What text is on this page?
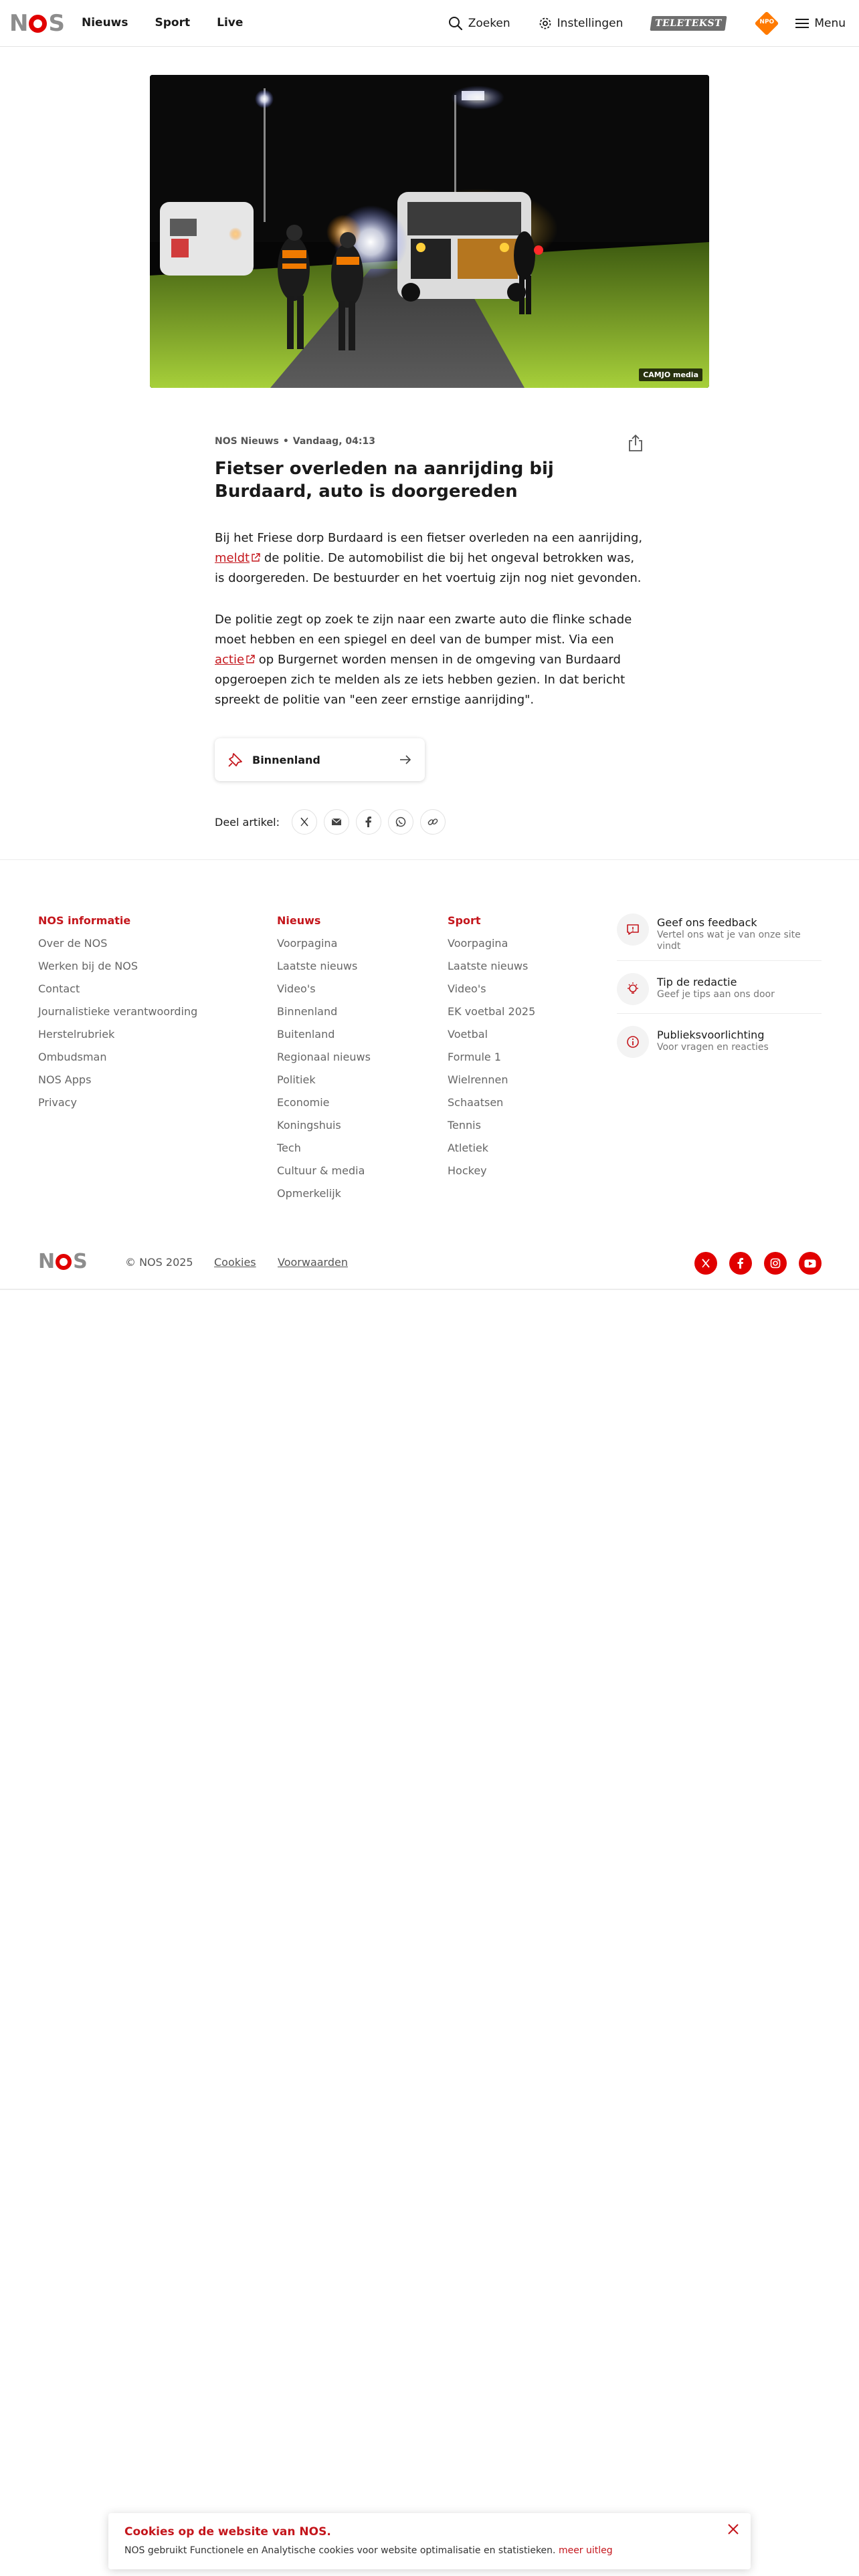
N S Nieuws Sport Live	Zoeken	Instellingen	TELETEKST	NPO	Menu
CAMJO media
NOS Nieuws • Vandaag, 04:13
Fietser overleden na aanrijding bij Burdaard, auto is doorgereden

Bij het Friese dorp Burdaard is een fietser overleden na een aanrijding, meldt de politie. De automobilist die bij het ongeval betrokken was, is doorgereden. De bestuurder en het voertuig zijn nog niet gevonden.

De politie zegt op zoek te zijn naar een zwarte auto die flinke schade moet hebben en een spiegel en deel van de bumper mist. Via een actie op Burgernet worden mensen in de omgeving van Burdaard opgeroepen zich te melden als ze iets hebben gezien. In dat bericht spreekt de politie van "een zeer ernstige aanrijding".

Binnenland
Deel artikel:
NOS informatie
Over de NOS
Werken bij de NOS
Contact
Journalistieke verantwoording
Herstelrubriek
Ombudsman
NOS Apps
Privacy
Nieuws
Voorpagina
Laatste nieuws
Video's
Binnenland
Buitenland
Regionaal nieuws
Politiek
Economie
Koningshuis
Tech
Cultuur & media
Opmerkelijk
Sport
Voorpagina
Laatste nieuws
Video's
EK voetbal 2025
Voetbal
Formule 1
Wielrennen
Schaatsen
Tennis
Atletiek
Hockey
Geef ons feedback
Vertel ons wat je van onze site vindt
Tip de redactie
Geef je tips aan ons door
Publieksvoorlichting
Voor vragen en reacties
N S	© NOS 2025 Cookies Voorwaarden
Cookies op de website van NOS.
NOS gebruikt Functionele en Analytische cookies voor website optimalisatie en statistieken. meer uitleg
